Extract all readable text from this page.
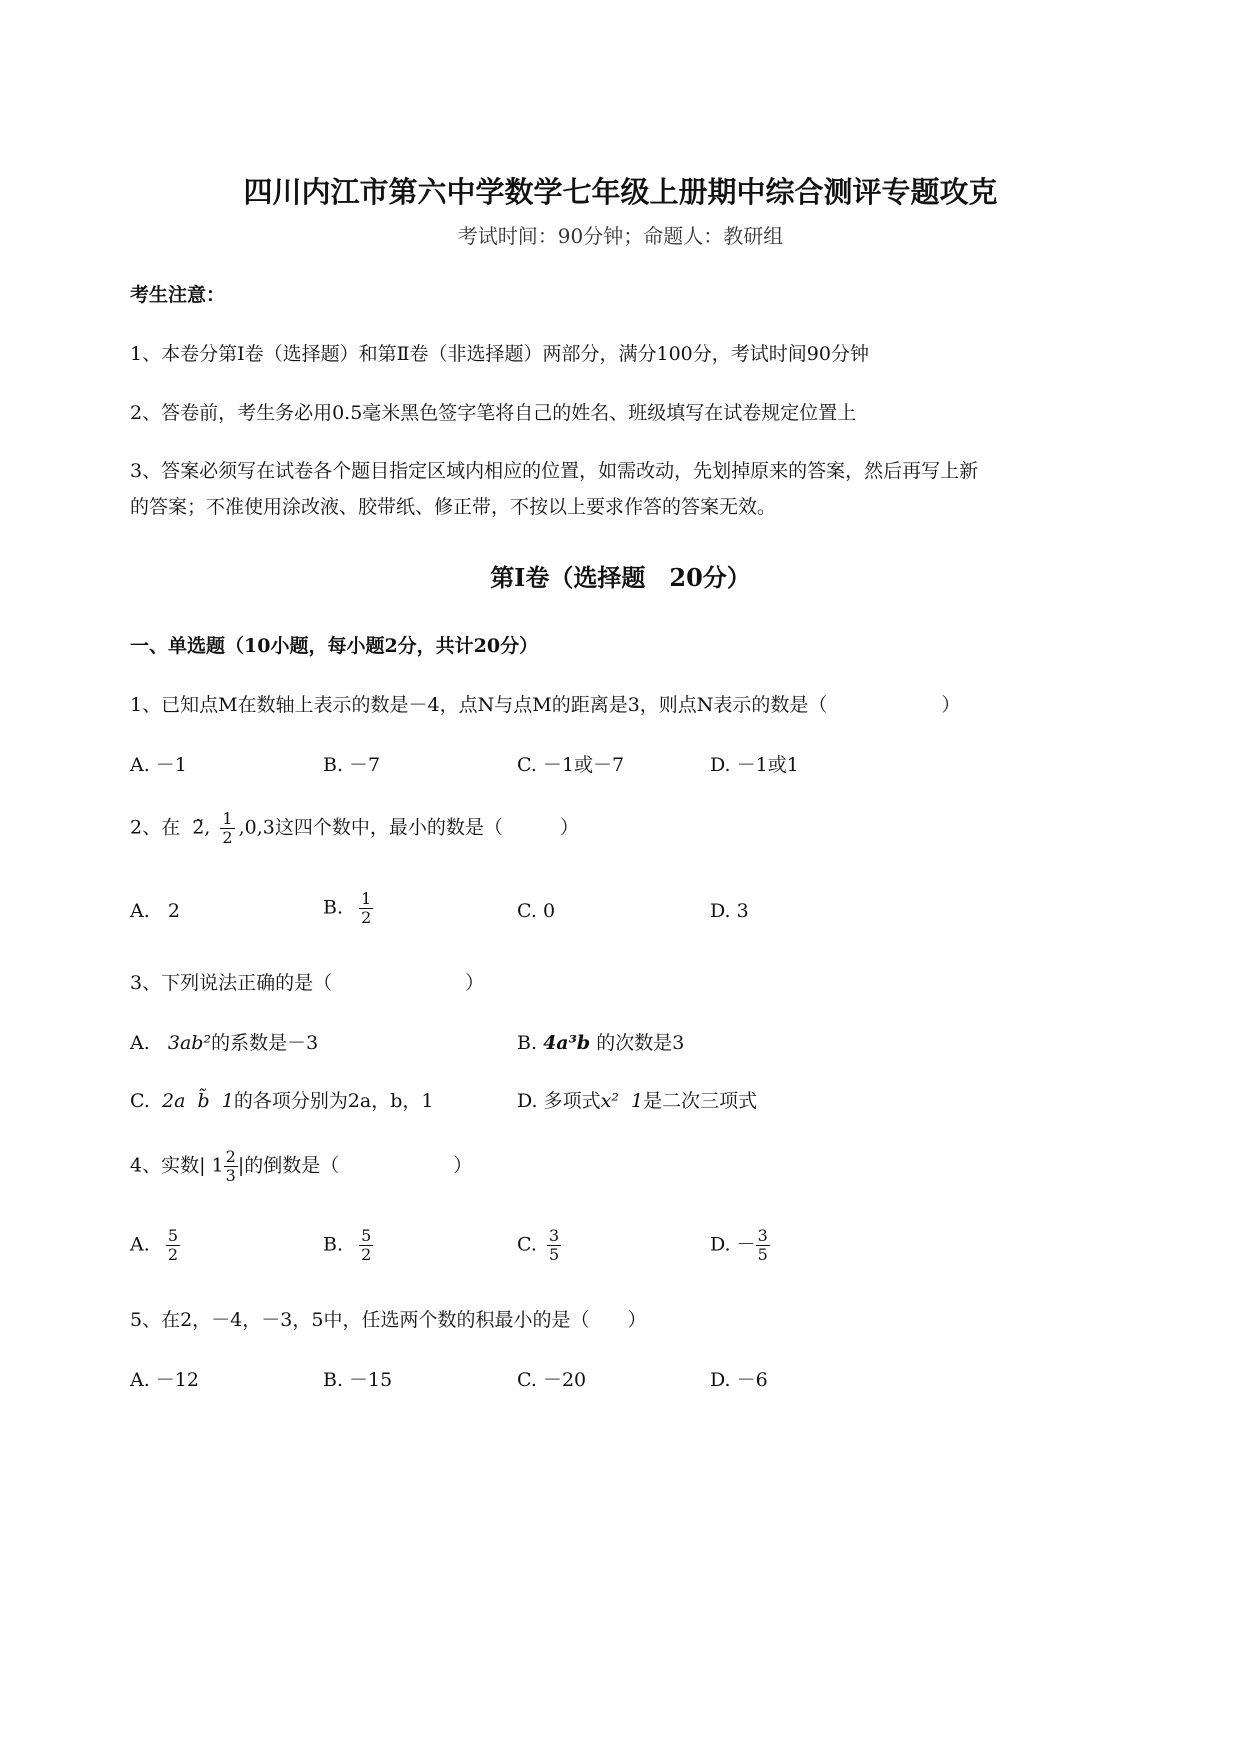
四川内江市第六中学数学七年级上册期中综合测评专题攻克
考试时间：90分钟；命题人：教研组
考生注意：
1、本卷分第Ⅰ卷（选择题）和第Ⅱ卷（非选择题）两部分，满分100分，考试时间90分钟
2、答卷前，考生务必用0.5毫米黑色签字笔将自己的姓名、班级填写在试卷规定位置上
3、答案必须写在试卷各个题目指定区域内相应的位置，如需改动，先划掉原来的答案，然后再写上新
的答案；不准使用涂改液、胶带纸、修正带，不按以上要求作答的答案无效。
第Ⅰ卷（选择题　20分）
一、单选题（10小题，每小题2分，共计20分）
1、已知点M在数轴上表示的数是－4，点N与点M的距离是3，则点N表示的数是（　　　　　　）
A. －1	B. －7	C. －1或－7	D. －1或1
2、在 2̃, $\frac{1}{2} ,0,3$这四个数中，最小的数是（　　　）
A. 2	B. $\frac{1}{2}$	C. 0	D. 3
3、下列说法正确的是（　　　　　　　）
A. 3ab²的系数是－3	B. 4a³b 的次数是3
C. 2a  b̃  1的各项分别为2a，b，1	D. 多项式x²  1是二次三项式
4、实数| $1 \frac{2}{3}$ |的倒数是（　　　　　　）
A. $\frac{5}{2}$	B. $\frac{5}{2}$	C. $\frac{3}{5}$	D. － $\frac{3}{5}$
5、在2，－4，－3，5中，任选两个数的积最小的是（　　）
A. －12	B. －15	C. －20	D. －6
